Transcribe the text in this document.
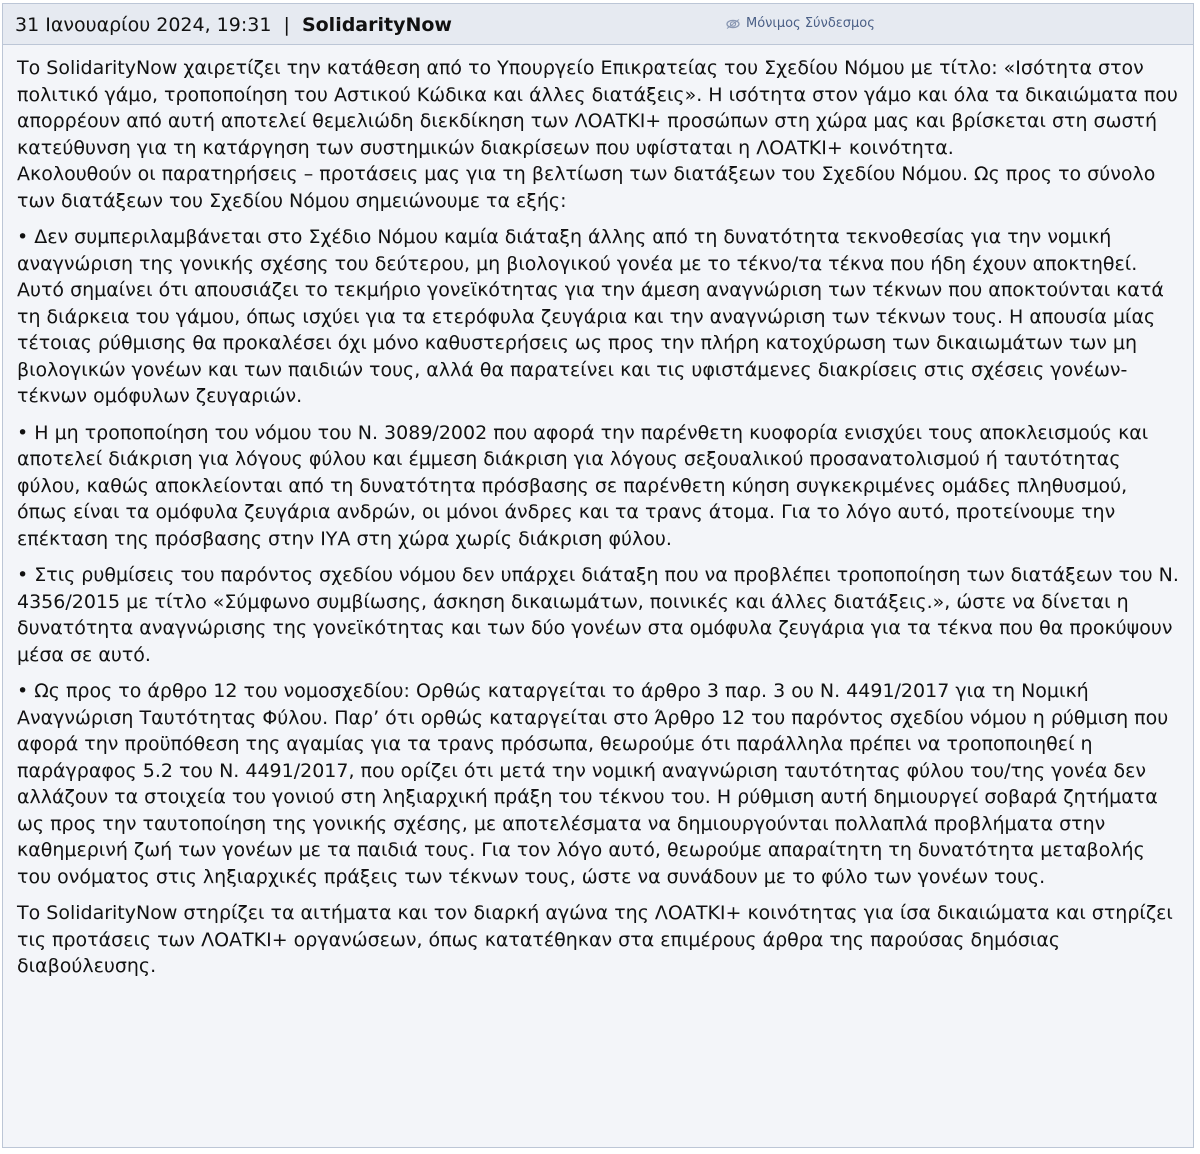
31 Ιανουαρίου 2024, 19:31 | SolidarityNow	Μόνιμος Σύνδεσμος

Το SolidarityNow χαιρετίζει την κατάθεση από το Υπουργείο Επικρατείας του Σχεδίου Νόμου με τίτλο: «Ισότητα στον πολιτικό γάμο, τροποποίηση του Αστικού Κώδικα και άλλες διατάξεις». Η ισότητα στον γάμο και όλα τα δικαιώματα που απορρέουν από αυτή αποτελεί θεμελιώδη διεκδίκηση των ΛΟΑΤΚΙ+ προσώπων στη χώρα μας και βρίσκεται στη σωστή κατεύθυνση για τη κατάργηση των συστημικών διακρίσεων που υφίσταται η ΛΟΑΤΚΙ+ κοινότητα.

Ακολουθούν οι παρατηρήσεις – προτάσεις μας για τη βελτίωση των διατάξεων του Σχεδίου Νόμου. Ως προς το σύνολο των διατάξεων του Σχεδίου Νόμου σημειώνουμε τα εξής:

• Δεν συμπεριλαμβάνεται στο Σχέδιο Νόμου καμία διάταξη άλλης από τη δυνατότητα τεκνοθεσίας για την νομική αναγνώριση της γονικής σχέσης του δεύτερου, μη βιολογικού γονέα με το τέκνο/τα τέκνα που ήδη έχουν αποκτηθεί. Αυτό σημαίνει ότι απουσιάζει το τεκμήριο γονεϊκότητας για την άμεση αναγνώριση των τέκνων που αποκτούνται κατά τη διάρκεια του γάμου, όπως ισχύει για τα ετερόφυλα ζευγάρια και την αναγνώριση των τέκνων τους. Η απουσία μίας τέτοιας ρύθμισης θα προκαλέσει όχι μόνο καθυστερήσεις ως προς την πλήρη κατοχύρωση των δικαιωμάτων των μη βιολογικών γονέων και των παιδιών τους, αλλά θα παρατείνει και τις υφιστάμενες διακρίσεις στις σχέσεις γονέων-τέκνων ομόφυλων ζευγαριών.

• Η μη τροποποίηση του νόμου του Ν. 3089/2002 που αφορά την παρένθετη κυοφορία ενισχύει τους αποκλεισμούς και αποτελεί διάκριση για λόγους φύλου και έμμεση διάκριση για λόγους σεξουαλικού προσανατολισμού ή ταυτότητας φύλου, καθώς αποκλείονται από τη δυνατότητα πρόσβασης σε παρένθετη κύηση συγκεκριμένες ομάδες πληθυσμού, όπως είναι τα ομόφυλα ζευγάρια ανδρών, οι μόνοι άνδρες και τα τρανς άτομα. Για το λόγο αυτό, προτείνουμε την επέκταση της πρόσβασης στην ΙΥΑ στη χώρα χωρίς διάκριση φύλου.

• Στις ρυθμίσεις του παρόντος σχεδίου νόμου δεν υπάρχει διάταξη που να προβλέπει τροποποίηση των διατάξεων του Ν. 4356/2015 με τίτλο «Σύμφωνο συμβίωσης, άσκηση δικαιωμάτων, ποινικές και άλλες διατάξεις.», ώστε να δίνεται η δυνατότητα αναγνώρισης της γονεϊκότητας και των δύο γονέων στα ομόφυλα ζευγάρια για τα τέκνα που θα προκύψουν μέσα σε αυτό.

• Ως προς το άρθρο 12 του νομοσχεδίου: Ορθώς καταργείται το άρθρο 3 παρ. 3 ου Ν. 4491/2017 για τη Νομική Αναγνώριση Ταυτότητας Φύλου. Παρ’ ότι ορθώς καταργείται στο Άρθρο 12 του παρόντος σχεδίου νόμου η ρύθμιση που αφορά την προϋπόθεση της αγαμίας για τα τρανς πρόσωπα, θεωρούμε ότι παράλληλα πρέπει να τροποποιηθεί η παράγραφος 5.2 του Ν. 4491/2017, που ορίζει ότι μετά την νομική αναγνώριση ταυτότητας φύλου του/της γονέα δεν αλλάζουν τα στοιχεία του γονιού στη ληξιαρχική πράξη του τέκνου του. Η ρύθμιση αυτή δημιουργεί σοβαρά ζητήματα ως προς την ταυτοποίηση της γονικής σχέσης, με αποτελέσματα να δημιουργούνται πολλαπλά προβλήματα στην καθημερινή ζωή των γονέων με τα παιδιά τους. Για τον λόγο αυτό, θεωρούμε απαραίτητη τη δυνατότητα μεταβολής του ονόματος στις ληξιαρχικές πράξεις των τέκνων τους, ώστε να συνάδουν με το φύλο των γονέων τους.

Το SolidarityNow στηρίζει τα αιτήματα και τον διαρκή αγώνα της ΛΟΑΤΚΙ+ κοινότητας για ίσα δικαιώματα και στηρίζει τις προτάσεις των ΛΟΑΤΚΙ+ οργανώσεων, όπως κατατέθηκαν στα επιμέρους άρθρα της παρούσας δημόσιας διαβούλευσης.
